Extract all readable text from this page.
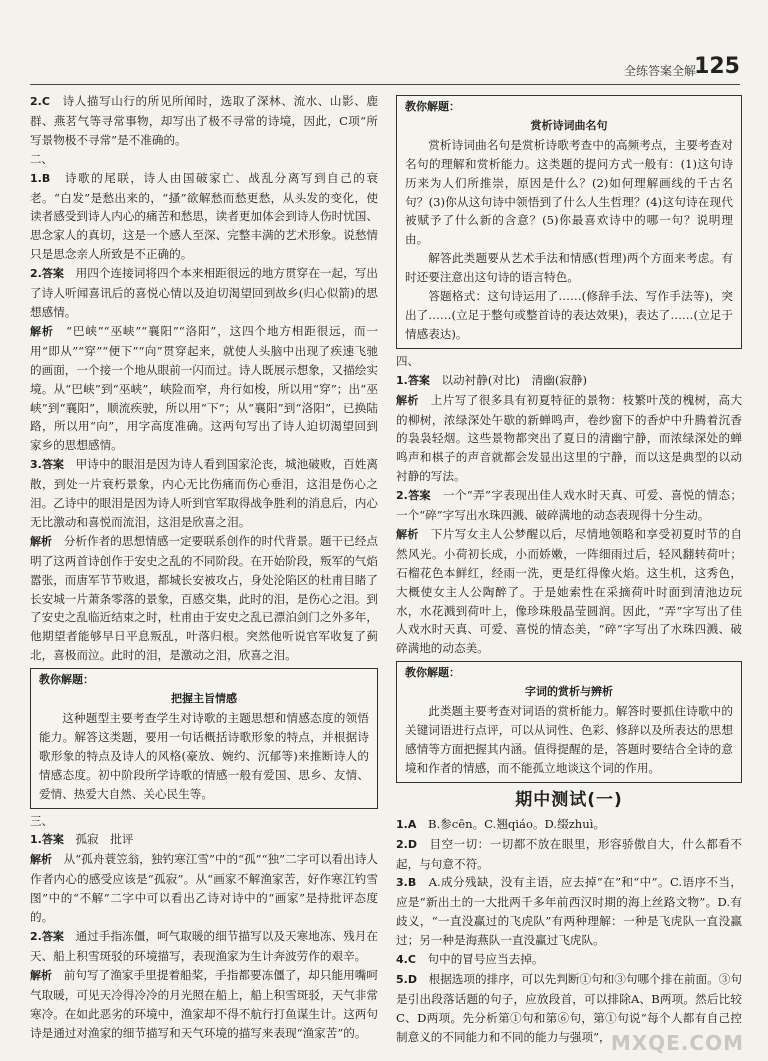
全练答案全解
125

2.C　 诗人描写山行的所见所闻时，选取了深林、流水、山影、鹿群、燕茗气等寻常事物，却写出了极不寻常的诗境，因此，C项“所写景物极不寻常”是不准确的。

二、

1.B　 诗歌的尾联，诗人由国破家亡、战乱分离写到自己的衰老。“白发”是愁出来的，“搔”欲解愁而愁更愁，从头发的变化，使读者感受到诗人内心的痛苦和愁思，读者更加体会到诗人伤时忧国、思念家人的真切，这是一个感人至深、完整丰满的艺术形象。说愁情只是思念亲人所致是不正确的。

2.答案　 用四个连接词将四个本来相距很远的地方贯穿在一起，写出了诗人听闻喜讯后的喜悦心情以及迫切渴望回到故乡(归心似箭)的思想感情。

解析　 “巴峡”“巫峡”“襄阳”“洛阳”，这四个地方相距很远，而一用“即从”“穿”“便下”“向”贯穿起来，就使人头脑中出现了疾速飞驰的画面，一个接一个地从眼前一闪而过。诗人既展示想象，又描绘实境。从“巴峡”到“巫峡”，峡险而窄，舟行如梭，所以用“穿”；出“巫峡”到“襄阳”，顺流疾驶，所以用“下”；从“襄阳”到“洛阳”，已换陆路，所以用“向”，用字高度准确。这两句写出了诗人迫切渴望回到家乡的思想感情。

3.答案　 甲诗中的眼泪是因为诗人看到国家沦丧，城池破败，百姓离散，到处一片衰朽景象，内心无比伤痛而伤心垂泪，这泪是伤心之泪。乙诗中的眼泪是因为诗人听到官军取得战争胜利的消息后，内心无比激动和喜悦而流泪，这泪是欣喜之泪。

解析　 分析作者的思想情感一定要联系创作的时代背景。题干已经点明了这两首诗创作于安史之乱的不同阶段。在开始阶段，叛军的气焰嚣张，而唐军节节败退，都城长安被攻占，身处沦陷区的杜甫目睹了长安城一片萧条零落的景象，百感交集，此时的泪，是伤心之泪。到了安史之乱临近结束之时，杜甫由于安史之乱已漂泊剑门之外多年，他期望者能够早日平息叛乱，叶落归根。突然他听说官军收复了蓟北，喜极而泣。此时的泪，是激动之泪，欣喜之泪。

教你解题：

把握主旨情感

这种题型主要考查学生对诗歌的主题思想和情感态度的领悟能力。解答这类题，要用一句话概括诗歌形象的特点，并根据诗歌形象的特点及诗人的风格(豪放、婉约、沉郁等)来推断诗人的情感态度。初中阶段所学诗歌的情感一般有爱国、思乡、友情、爱情、热爱大自然、关心民生等。

三、

1.答案　 孤寂　批评

解析　 从“孤舟蓑笠翁，独钓寒江雪”中的“孤”“独”二字可以看出诗人作者内心的感受应该是“孤寂”。从“画家不解渔家苦，好作寒江钓雪图”中的“不解”二字中可以看出乙诗对诗中的“画家”是持批评态度的。

2.答案　 通过手指冻僵，呵气取暖的细节描写以及天寒地冻、残月在天、船上积雪斑驳的环境描写，表现渔家为生计奔波劳作的艰辛。

解析　 前句写了渔家手里提着船桨，手指都要冻僵了，却只能用嘴呵气取暖，可见天冷得冷冷的月光照在船上，船上积雪斑驳，天气非常寒冷。在如此恶劣的环境中，渔家却不得不航行打鱼谋生计。这两句诗是通过对渔家的细节描写和天气环境的描写来表现“渔家苦”的。

教你解题：

赏析诗词曲名句

赏析诗词曲名句是赏析诗歌考查中的高频考点，主要考查对名句的理解和赏析能力。这类题的提问方式一般有：(1)这句诗历来为人们所推崇，原因是什么？(2)如何理解画线的千古名句？(3)你从这句诗中领悟到了什么人生哲理？(4)这句诗在现代被赋予了什么新的含意？(5)你最喜欢诗中的哪一句？说明理由。

解答此类题要从艺术手法和情感(哲理)两个方面来考虑。有时还要注意出这句诗的语言特色。

答题格式：这句诗运用了……(修辞手法、写作手法等)，突出了……(立足于整句或整首诗的表达效果)，表达了……(立足于情感表达)。

四、

1.答案　 以动衬静(对比)　清幽(寂静)

解析　 上片写了很多具有初夏特征的景物：枝繁叶茂的槐树，高大的柳树，浓绿深处午歇的新蝉鸣声，卷纱窗下的香炉中升腾着沉香的袅袅轻烟。这些景物都突出了夏日的清幽宁静，而浓绿深处的蝉鸣声和棋子的声音就都会发显出这里的宁静，而以这是典型的以动衬静的写法。

2.答案　 一个“弄”字表现出佳人戏水时天真、可爱、喜悦的情态；一个“碎”字写出水珠四溅、破碎满地的动态表现得十分生动。

解析　 下片写女主人公梦醒以后，尽情地领略和享受初夏时节的自然风光。小荷初长成，小而娇嫩，一阵细雨过后，轻风翻转荷叶；石榴花色本鲜红，经雨一洗，更是红得像火焰。这生机，这秀色，大概使女主人公陶醉了。于是她索性在采摘荷叶时面到清池边玩水，水花溅到荷叶上，像珍珠般晶莹圆润。因此，“弄”字写出了佳人戏水时天真、可爱、喜悦的情态美，“碎”字写出了水珠四溅、破碎满地的动态美。

教你解题：

字词的赏析与辨析

此类题主要考查对词语的赏析能力。解答时要抓住诗歌中的关键词语进行点评，可以从词性、色彩、修辞以及所表达的思想感情等方面把握其内涵。值得提醒的是，答题时要结合全诗的意境和作者的情感，而不能孤立地谈这个词的作用。

期中测试(一)

1.A　 B.参cēn。C.翘qiáo。D.缀zhuì。

2.D　 目空一切：一切都不放在眼里，形容骄傲自大，什么都看不起，与句意不符。

3.B　 A.成分残缺，没有主语，应去掉“在”和“中”。C.语序不当，应是“新出土的一大批两千多年前西汉时期的海上丝路文物”。D.有歧义，“一直没赢过的飞虎队”有两种理解：一种是飞虎队一直没赢过；另一种是海燕队一直没赢过飞虎队。

4.C　 句中的冒号应当去掉。

5.D　 根据选项的排序，可以先判断①句和③句哪个排在前面。③句是引出段落话题的句子，应放段首，可以排除A、B两项。然后比较C、D两项。先分析第①句和第⑥句，第①句说“每个人都有自己控制意义的不同能力和不同的能力与强项”， MXQE.COM
